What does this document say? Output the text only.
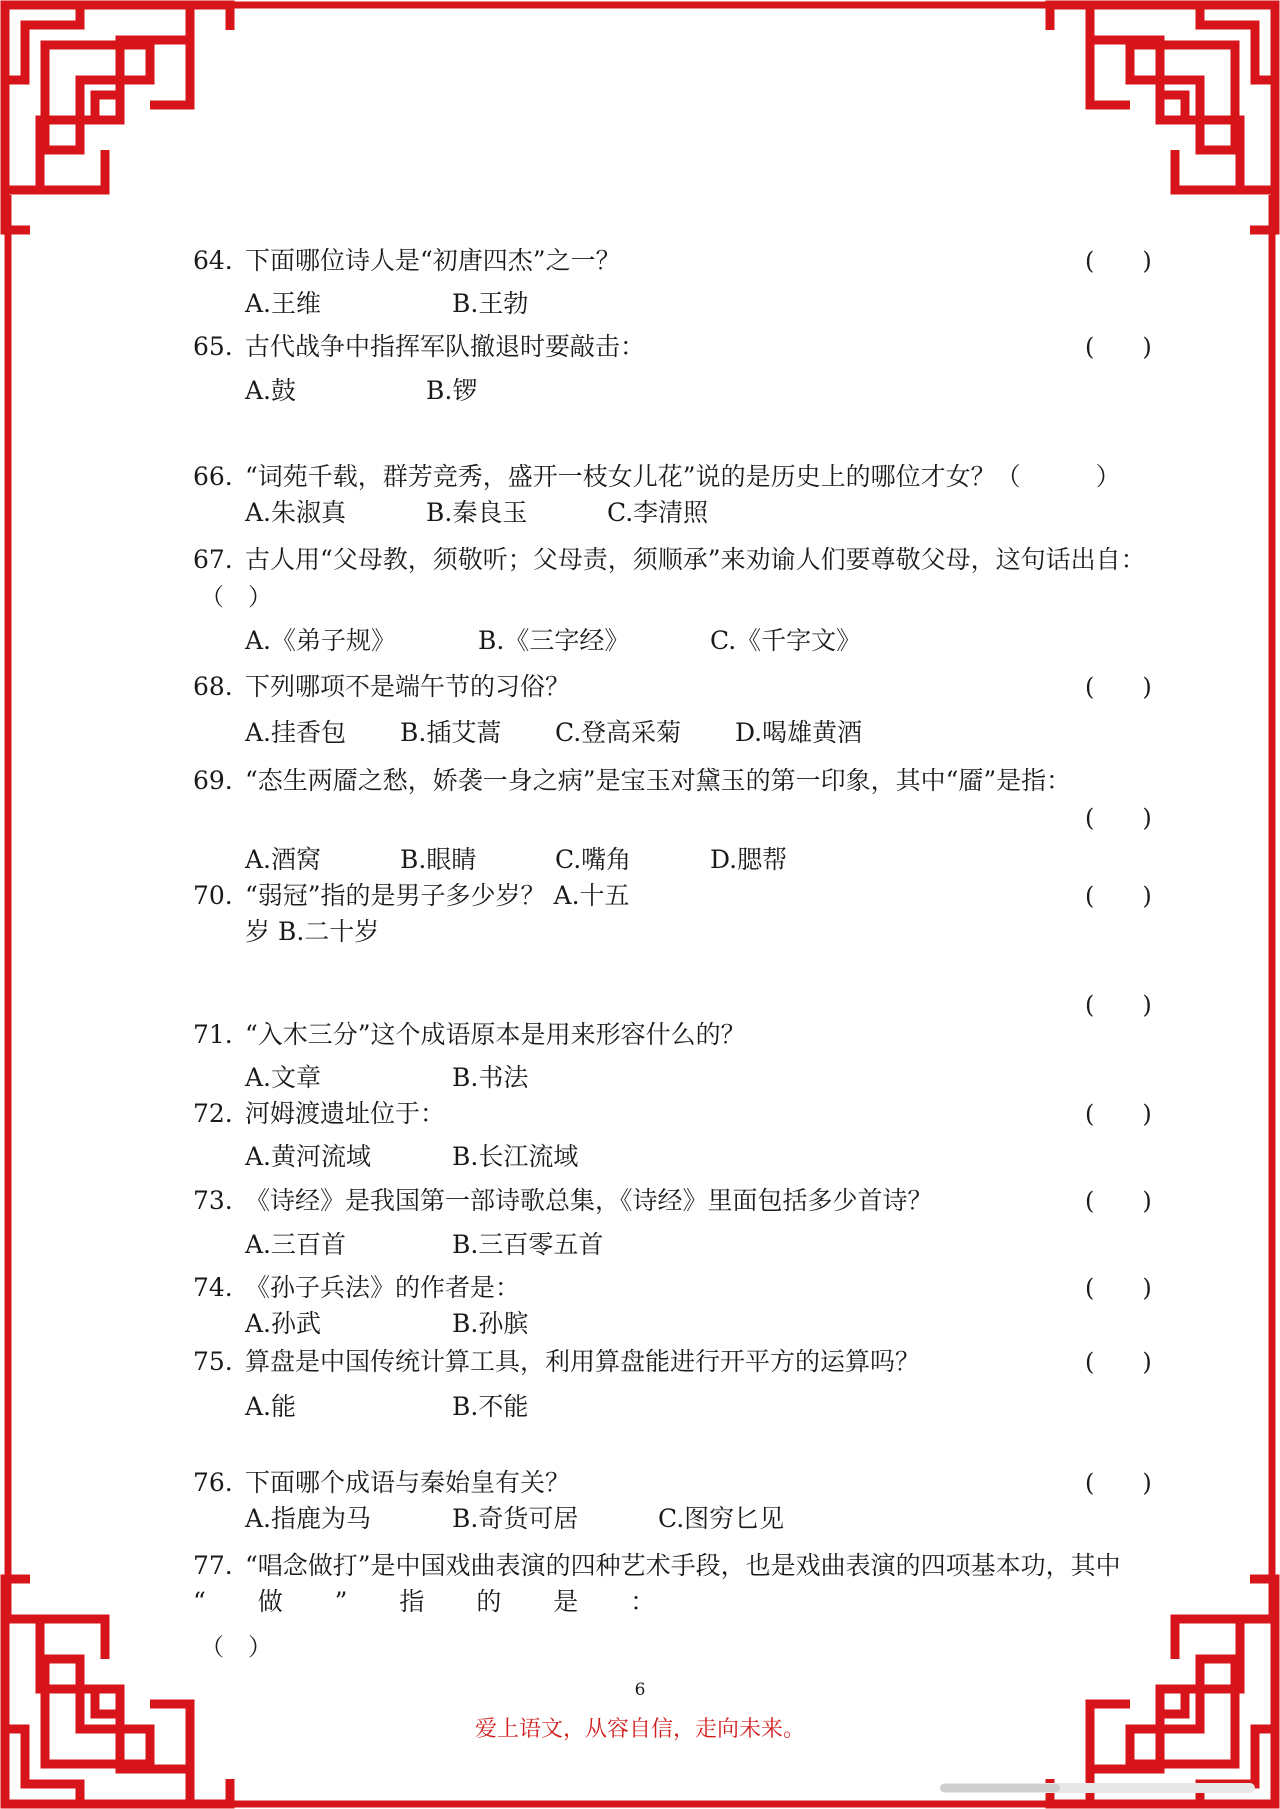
64. 下面哪位诗人是“初唐四杰”之一？	(　　)
A.王维	B.王勃
65. 古代战争中指挥军队撤退时要敲击：	(　　)
A.鼓	B.锣
66. “词苑千载，群芳竞秀，盛开一枝女儿花”说的是历史上的哪位才女？（　　　）
A.朱淑真	B.秦良玉	C.李清照
67. 古人用“父母教，须敬听；父母责，须顺承”来劝谕人们要尊敬父母，这句话出自：
（　）
A.《弟子规》	B.《三字经》	C.《千字文》
68. 下列哪项不是端午节的习俗？	(　　)
A.挂香包 B.插艾蒿 C.登高采菊 D.喝雄黄酒
69. “态生两靥之愁，娇袭一身之病”是宝玉对黛玉的第一印象，其中“靥”是指：
(　　)
A.酒窝	B.眼睛	C.嘴角	D.腮帮
70. “弱冠”指的是男子多少岁？ A.十五	(　　)
岁 B.二十岁
(　　)
71. “入木三分”这个成语原本是用来形容什么的？
A.文章	B.书法
72. 河姆渡遗址位于：	(　　)
A.黄河流域	B.长江流域
73. 《诗经》是我国第一部诗歌总集，《诗经》里面包括多少首诗？	(　　)
A.三百首	B.三百零五首
74. 《孙子兵法》的作者是：	(　　)
A.孙武	B.孙膑
75. 算盘是中国传统计算工具，利用算盘能进行开平方的运算吗？	(　　)
A.能	B.不能
76. 下面哪个成语与秦始皇有关？	(　　)
A.指鹿为马	B.奇货可居	C.图穷匕见
77. “唱念做打”是中国戏曲表演的四种艺术手段，也是戏曲表演的四项基本功，其中
“ 做 ” 指 的 是 ：
（　）
6
爱上语文，从容自信，走向未来。
